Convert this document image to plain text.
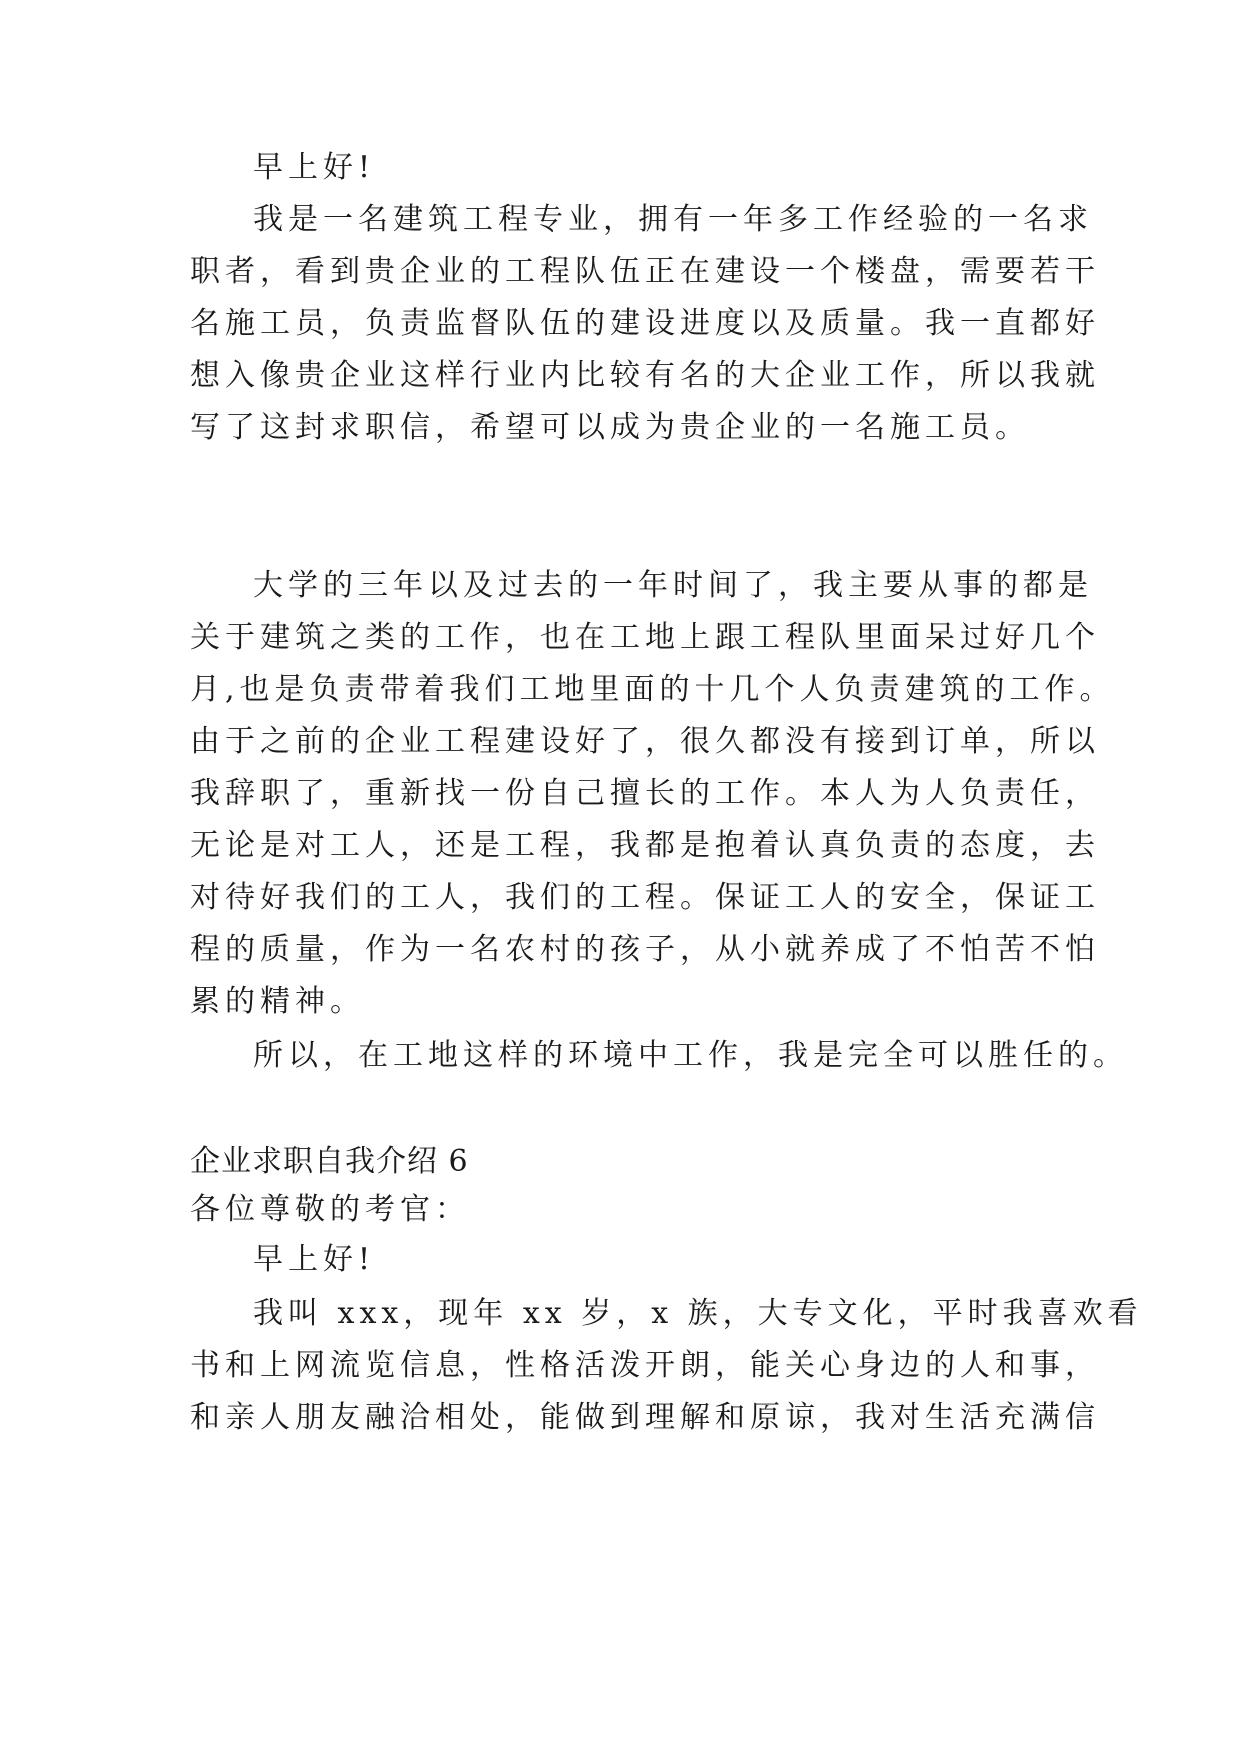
早上好!
我是一名建筑工程专业，拥有一年多工作经验的一名求
职者，看到贵企业的工程队伍正在建设一个楼盘，需要若干
名施工员，负责监督队伍的建设进度以及质量。我一直都好
想入像贵企业这样行业内比较有名的大企业工作，所以我就
写了这封求职信，希望可以成为贵企业的一名施工员。
大学的三年以及过去的一年时间了，我主要从事的都是
关于建筑之类的工作，也在工地上跟工程队里面呆过好几个
月,也是负责带着我们工地里面的十几个人负责建筑的工作。
由于之前的企业工程建设好了，很久都没有接到订单，所以
我辞职了，重新找一份自己擅长的工作。本人为人负责任，
无论是对工人，还是工程，我都是抱着认真负责的态度，去
对待好我们的工人，我们的工程。保证工人的安全，保证工
程的质量，作为一名农村的孩子，从小就养成了不怕苦不怕
累的精神。
所以，在工地这样的环境中工作，我是完全可以胜任的。
企业求职自我介绍 6
各位尊敬的考官：
早上好!
我叫 xxx，现年 xx 岁，x 族，大专文化，平时我喜欢看
书和上网流览信息，性格活泼开朗，能关心身边的人和事，
和亲人朋友融洽相处，能做到理解和原谅，我对生活充满信
